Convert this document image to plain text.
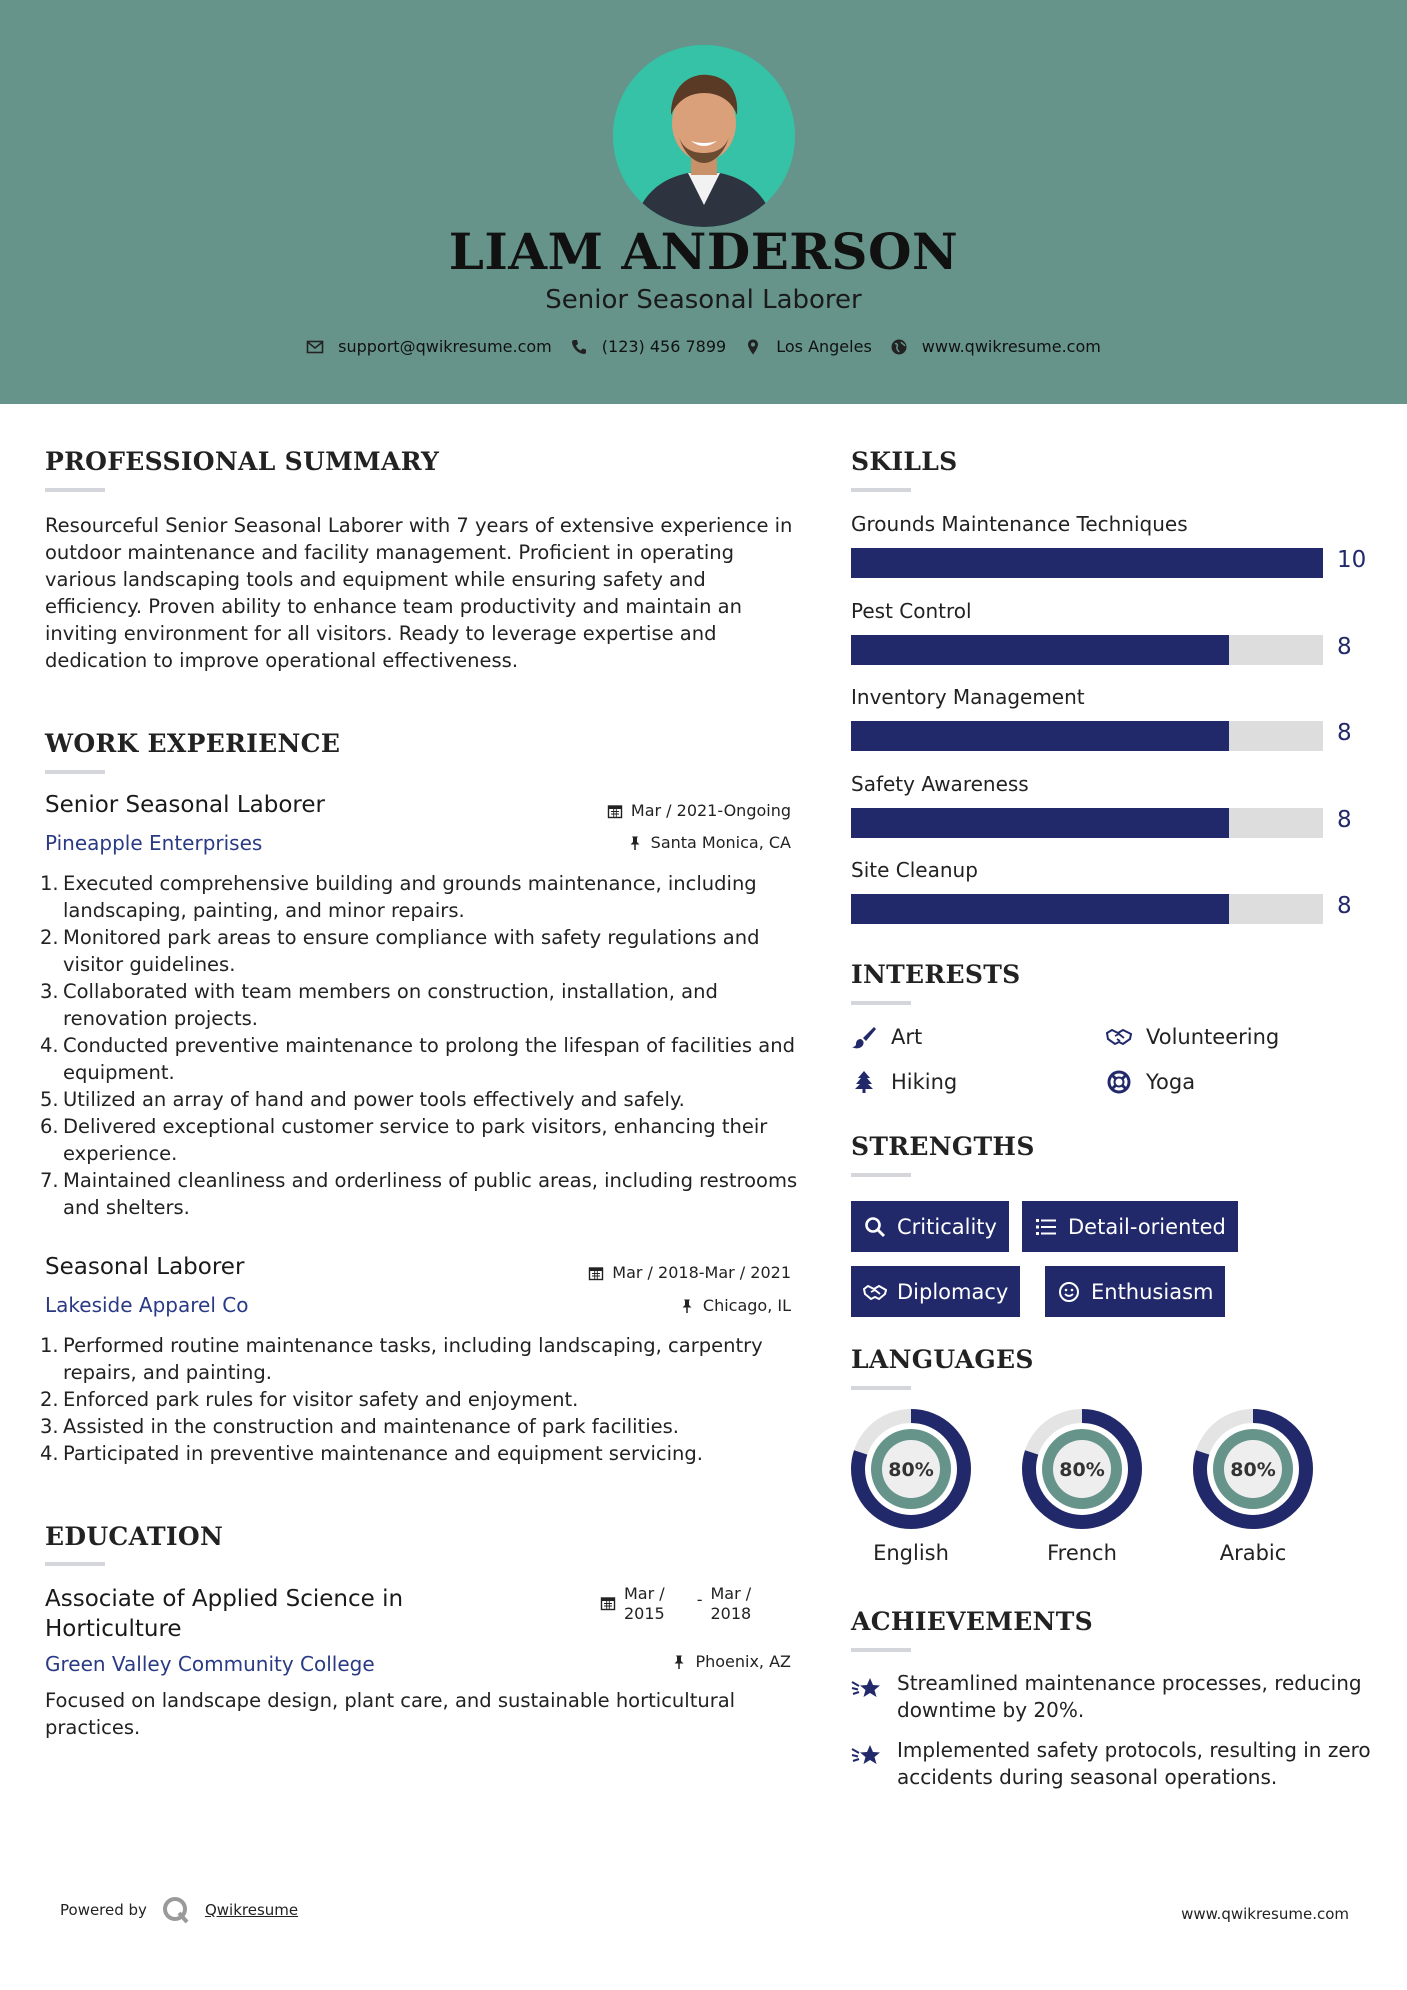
LIAM ANDERSON
Senior Seasonal Laborer
support@qwikresume.com	(123) 456 7899	Los Angeles	www.qwikresume.com
PROFESSIONAL SUMMARY
Resourceful Senior Seasonal Laborer with 7 years of extensive experience in outdoor maintenance and facility management. Proficient in operating various landscaping tools and equipment while ensuring safety and efficiency. Proven ability to enhance team productivity and maintain an inviting environment for all visitors. Ready to leverage expertise and dedication to improve operational effectiveness.
WORK EXPERIENCE
Senior Seasonal Laborer	Mar / 2021-Ongoing
Pineapple Enterprises	Santa Monica, CA
1. Executed comprehensive building and grounds maintenance, including landscaping, painting, and minor repairs.
2. Monitored park areas to ensure compliance with safety regulations and visitor guidelines.
3. Collaborated with team members on construction, installation, and renovation projects.
4. Conducted preventive maintenance to prolong the lifespan of facilities and equipment.
5. Utilized an array of hand and power tools effectively and safely.
6. Delivered exceptional customer service to park visitors, enhancing their experience.
7. Maintained cleanliness and orderliness of public areas, including restrooms and shelters.
Seasonal Laborer	Mar / 2018-Mar / 2021
Lakeside Apparel Co	Chicago, IL
1. Performed routine maintenance tasks, including landscaping, carpentry repairs, and painting.
2. Enforced park rules for visitor safety and enjoyment.
3. Assisted in the construction and maintenance of park facilities.
4. Participated in preventive maintenance and equipment servicing.
EDUCATION
Associate of Applied Science in
Horticulture
Mar /
2015
- Mar /
2018
Green Valley Community College	Phoenix, AZ
Focused on landscape design, plant care, and sustainable horticultural practices.
SKILLS
Grounds Maintenance Techniques
10
Pest Control
8
Inventory Management
8
Safety Awareness
8
Site Cleanup
8
INTERESTS
Art	Volunteering
Hiking	Yoga
STRENGTHS
Criticality	Detail-oriented
Diplomacy	Enthusiasm
LANGUAGES
80%
English
80%
French
80%
Arabic
ACHIEVEMENTS
Streamlined maintenance processes, reducing downtime by 20%.
Implemented safety protocols, resulting in zero accidents during seasonal operations.
Powered by	Qwikresume	www.qwikresume.com
